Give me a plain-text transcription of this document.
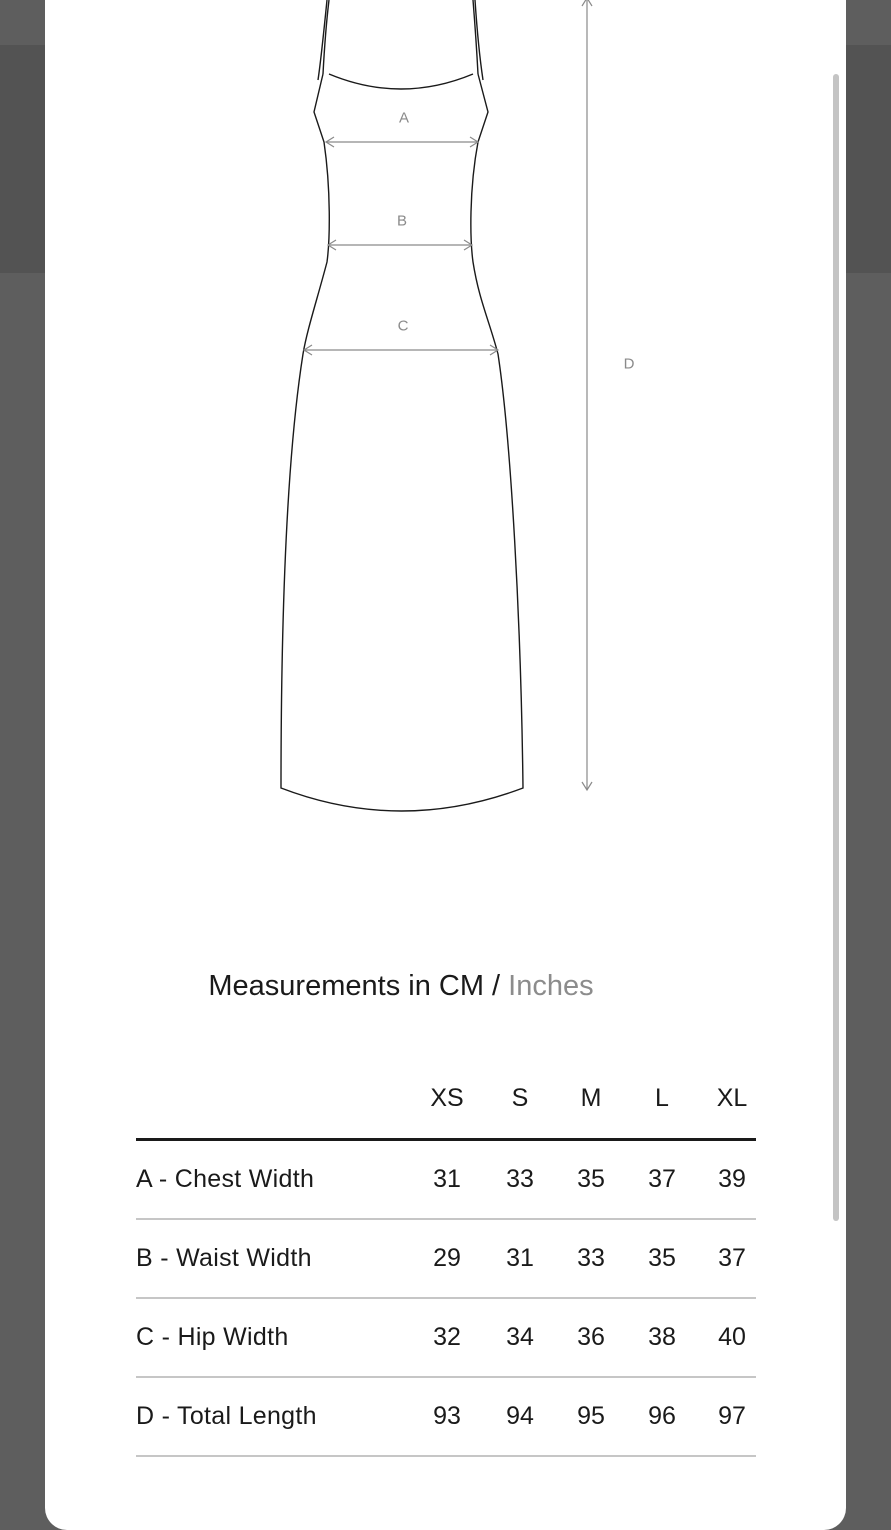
A
B
C
D
Measurements in CM / Inches
XS S M L XL
A - Chest Width	31 33 35 37 39
B - Waist Width	29 31 33 35 37
C - Hip Width	32 34 36 38 40
D - Total Length	93 94 95 96 97
